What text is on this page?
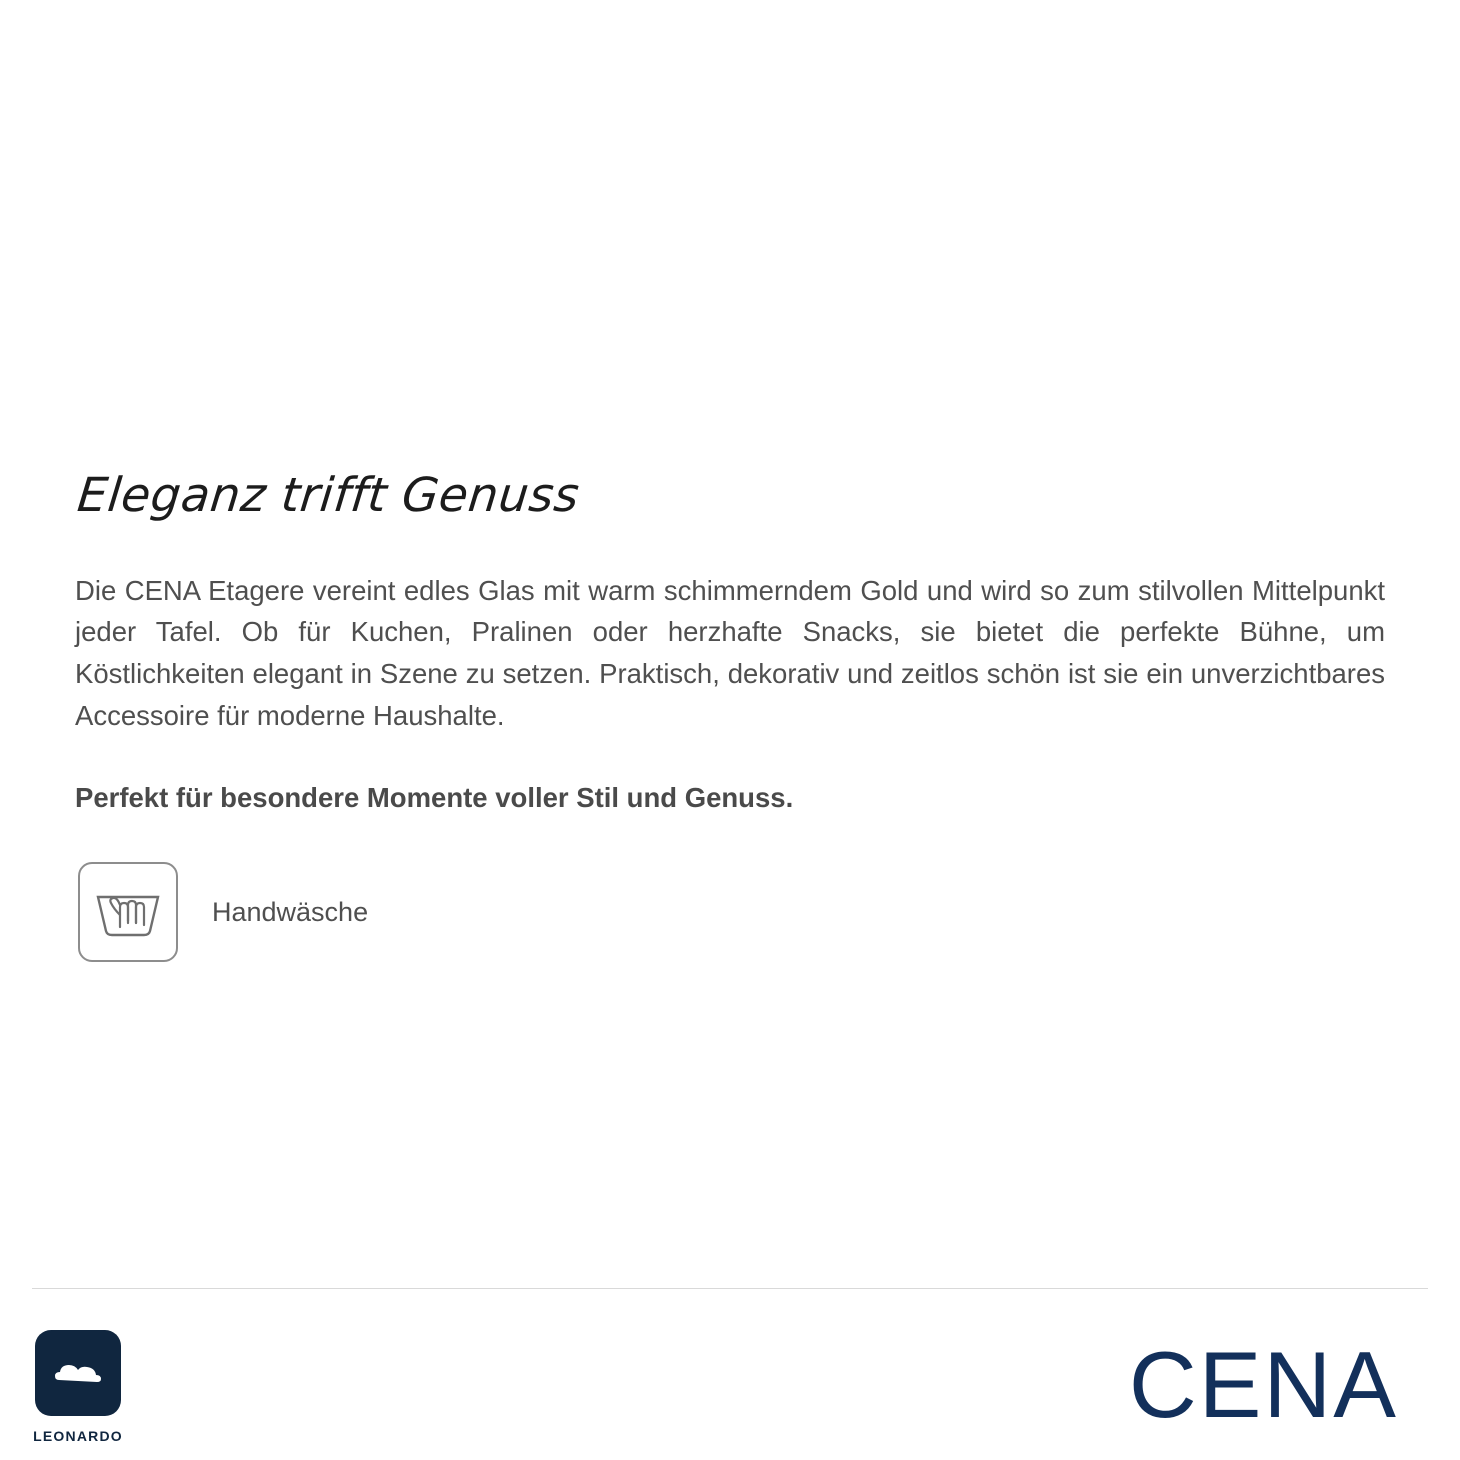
Eleganz trifft Genuss

Die CENA Etagere vereint edles Glas mit warm schimmerndem Gold und wird so zum stilvollen Mittelpunkt jeder Tafel. Ob für Kuchen, Pralinen oder herzhafte Snacks, sie bietet die perfekte Bühne, um Köstlichkeiten elegant in Szene zu setzen. Praktisch, dekorativ und zeitlos schön ist sie ein unverzichtbares Accessoire für moderne Haushalte.

Perfekt für besondere Momente voller Stil und Genuss.

Handwäsche
LEONARDO	CENA
